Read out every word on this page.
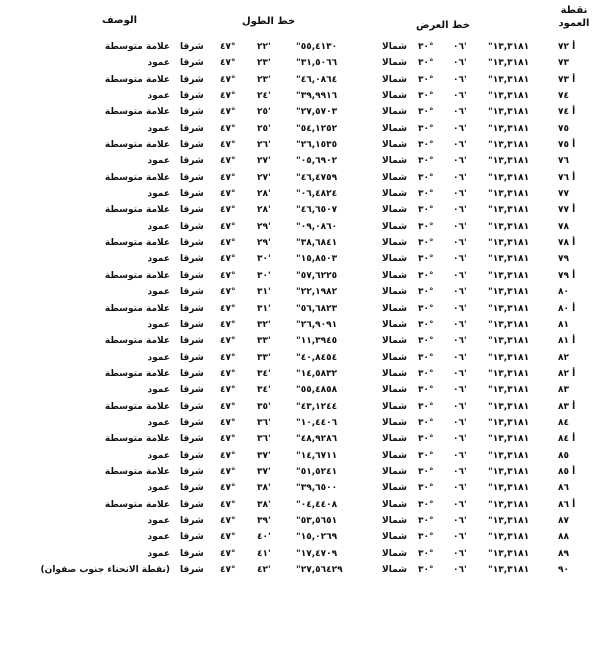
نقطة
العمود
خط العرض
خط الطول
الوصف
أ ٧٢
"١٣,٣١٨١
٠٦'
٣٠°
شمالا
"٥٥,٤١٣٠
٢٢'
٤٧°
شرقا
علامة متوسطة
٧٣
"١٣,٣١٨١
٠٦'
٣٠°
شمالا
"٣١,٥٠٦٦
٢٣'
٤٧°
شرقا
عمود
أ ٧٣
"١٣,٣١٨١
٠٦'
٣٠°
شمالا
"٤٦,٠٨٦٤
٢٣'
٤٧°
شرقا
علامة متوسطة
٧٤
"١٣,٣١٨١
٠٦'
٣٠°
شمالا
"٣٩,٩٩١٦
٢٤'
٤٧°
شرقا
عمود
أ ٧٤
"١٣,٣١٨١
٠٦'
٣٠°
شمالا
"٢٧,٥٧٠٣
٢٥'
٤٧°
شرقا
علامة متوسطة
٧٥
"١٣,٣١٨١
٠٦'
٣٠°
شمالا
"٥٤,١٢٥٢
٢٥'
٤٧°
شرقا
عمود
أ ٧٥
"١٣,٣١٨١
٠٦'
٣٠°
شمالا
"٢٦,١٥٣٥
٢٦'
٤٧°
شرقا
علامة متوسطة
٧٦
"١٣,٣١٨١
٠٦'
٣٠°
شمالا
"٠٥,٦٩٠٢
٢٧'
٤٧°
شرقا
عمود
أ ٧٦
"١٣,٣١٨١
٠٦'
٣٠°
شمالا
"٤٦,٤٧٥٩
٢٧'
٤٧°
شرقا
علامة متوسطة
٧٧
"١٣,٣١٨١
٠٦'
٣٠°
شمالا
"٠٦,٤٨٢٤
٢٨'
٤٧°
شرقا
عمود
أ ٧٧
"١٣,٣١٨١
٠٦'
٣٠°
شمالا
"٤٦,٦٥٠٧
٢٨'
٤٧°
شرقا
علامة متوسطة
٧٨
"١٣,٣١٨١
٠٦'
٣٠°
شمالا
"٠٩,٠٨٦٠
٢٩'
٤٧°
شرقا
عمود
أ ٧٨
"١٣,٣١٨١
٠٦'
٣٠°
شمالا
"٣٨,٦٨٤١
٢٩'
٤٧°
شرقا
علامة متوسطة
٧٩
"١٣,٣١٨١
٠٦'
٣٠°
شمالا
"١٥,٨٥٠٣
٣٠'
٤٧°
شرقا
عمود
أ ٧٩
"١٣,٣١٨١
٠٦'
٣٠°
شمالا
"٥٧,٦٢٢٥
٣٠'
٤٧°
شرقا
علامة متوسطة
٨٠
"١٣,٣١٨١
٠٦'
٣٠°
شمالا
"٢٢,١٩٨٢
٣١'
٤٧°
شرقا
عمود
أ ٨٠
"١٣,٣١٨١
٠٦'
٣٠°
شمالا
"٥٦,٦٨٢٣
٣١'
٤٧°
شرقا
علامة متوسطة
٨١
"١٣,٣١٨١
٠٦'
٣٠°
شمالا
"٢٦,٩٠٩١
٣٢'
٤٧°
شرقا
عمود
أ ٨١
"١٣,٣١٨١
٠٦'
٣٠°
شمالا
"١١,٣٩٤٥
٣٣'
٤٧°
شرقا
علامة متوسطة
٨٢
"١٣,٣١٨١
٠٦'
٣٠°
شمالا
"٤٠,٨٤٥٤
٣٣'
٤٧°
شرقا
عمود
أ ٨٢
"١٣,٣١٨١
٠٦'
٣٠°
شمالا
"١٤,٥٨٣٢
٣٤'
٤٧°
شرقا
علامة متوسطة
٨٣
"١٣,٣١٨١
٠٦'
٣٠°
شمالا
"٥٥,٤٨٥٨
٣٤'
٤٧°
شرقا
عمود
أ ٨٣
"١٣,٣١٨١
٠٦'
٣٠°
شمالا
"٤٣,١٢٤٤
٣٥'
٤٧°
شرقا
علامة متوسطة
٨٤
"١٣,٣١٨١
٠٦'
٣٠°
شمالا
"١٠,٤٤٠٦
٣٦'
٤٧°
شرقا
عمود
أ ٨٤
"١٣,٣١٨١
٠٦'
٣٠°
شمالا
"٤٨,٩٢٨٦
٣٦'
٤٧°
شرقا
علامة متوسطة
٨٥
"١٣,٣١٨١
٠٦'
٣٠°
شمالا
"١٤,٦٧١١
٣٧'
٤٧°
شرقا
عمود
أ ٨٥
"١٣,٣١٨١
٠٦'
٣٠°
شمالا
"٥١,٥٢٤١
٣٧'
٤٧°
شرقا
علامة متوسطة
٨٦
"١٣,٣١٨١
٠٦'
٣٠°
شمالا
"٣٩,٦٥٠٠
٣٨'
٤٧°
شرقا
عمود
أ ٨٦
"١٣,٣١٨١
٠٦'
٣٠°
شمالا
"٠٤,٤٤٠٨
٣٨'
٤٧°
شرقا
علامة متوسطة
٨٧
"١٣,٣١٨١
٠٦'
٣٠°
شمالا
"٥٣,٥٦٥١
٣٩'
٤٧°
شرقا
عمود
٨٨
"١٣,٣١٨١
٠٦'
٣٠°
شمالا
"١٥,٠٢٦٩
٤٠'
٤٧°
شرقا
عمود
٨٩
"١٣,٣١٨١
٠٦'
٣٠°
شمالا
"١٧,٤٧٠٩
٤١'
٤٧°
شرقا
عمود
٩٠
"١٣,٣١٨١
٠٦'
٣٠°
شمالا
"٢٧,٥٦٤٢٩
٤٢'
٤٧°
شرقا
(نقطة الانحناء جنوب صفوان)
